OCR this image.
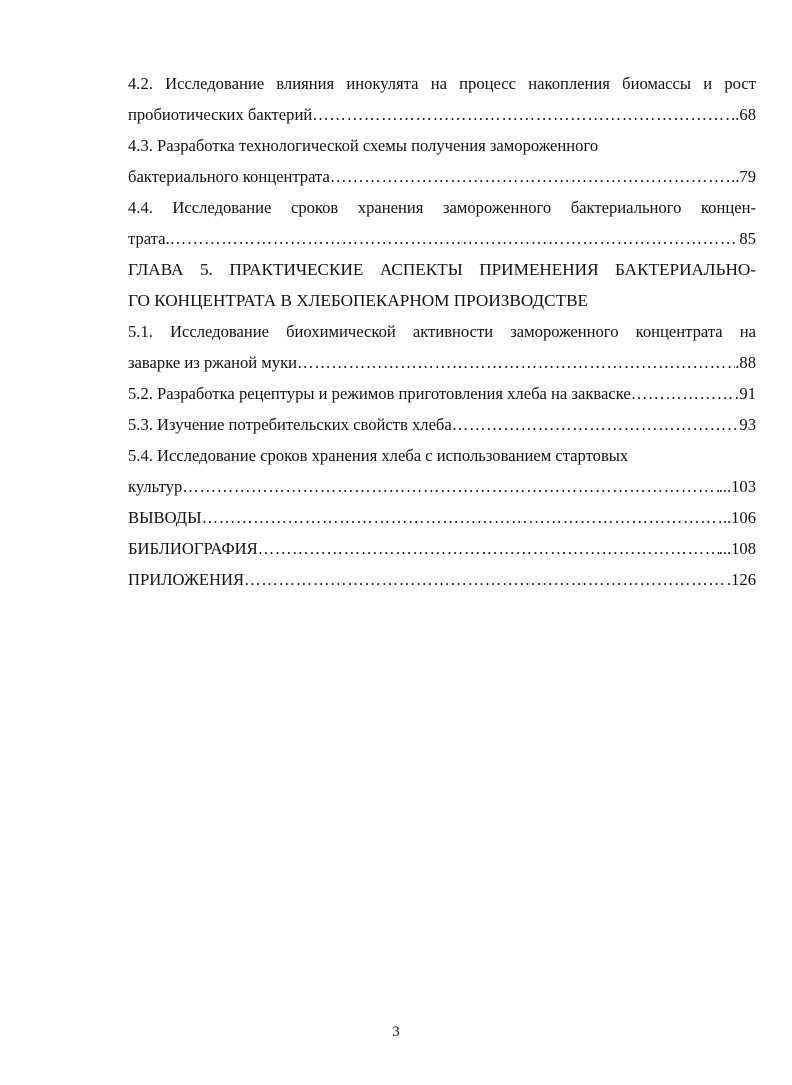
4.2. Исследование влияния инокулята на процесс накопления биомассы и рост
пробиотических бактерий …………………………………………………………………………………………………………………………………………………………………………	..68
4.3. Разработка технологической схемы получения замороженного
бактериального концентрата …………………………………………………………………………………………………………………………………………………………………………	..79
4.4. Исследование сроков хранения замороженного бактериального концен-
трата. …………………………………………………………………………………………………………………………………………………………………………	85
ГЛАВА 5. ПРАКТИЧЕСКИЕ АСПЕКТЫ ПРИМЕНЕНИЯ БАКТЕРИАЛЬНО-
ГО КОНЦЕНТРАТА В ХЛЕБОПЕКАРНОМ ПРОИЗВОДСТВЕ
5.1. Исследование биохимической активности замороженного концентрата на
заварке из ржаной муки …………………………………………………………………………………………………………………………………………………………………………	.88
5.2. Разработка рецептуры и режимов приготовления хлеба на закваске …………………………………………………………………………………………………………………………………………………………………………	91
5.3. Изучение потребительских свойств хлеба …………………………………………………………………………………………………………………………………………………………………………	93
5.4. Исследование сроков хранения хлеба с использованием стартовых
культур …………………………………………………………………………………………………………………………………………………………………………	...103
ВЫВОДЫ …………………………………………………………………………………………………………………………………………………………………………	..106
БИБЛИОГРАФИЯ …………………………………………………………………………………………………………………………………………………………………………	...108
ПРИЛОЖЕНИЯ …………………………………………………………………………………………………………………………………………………………………………	.126
3
